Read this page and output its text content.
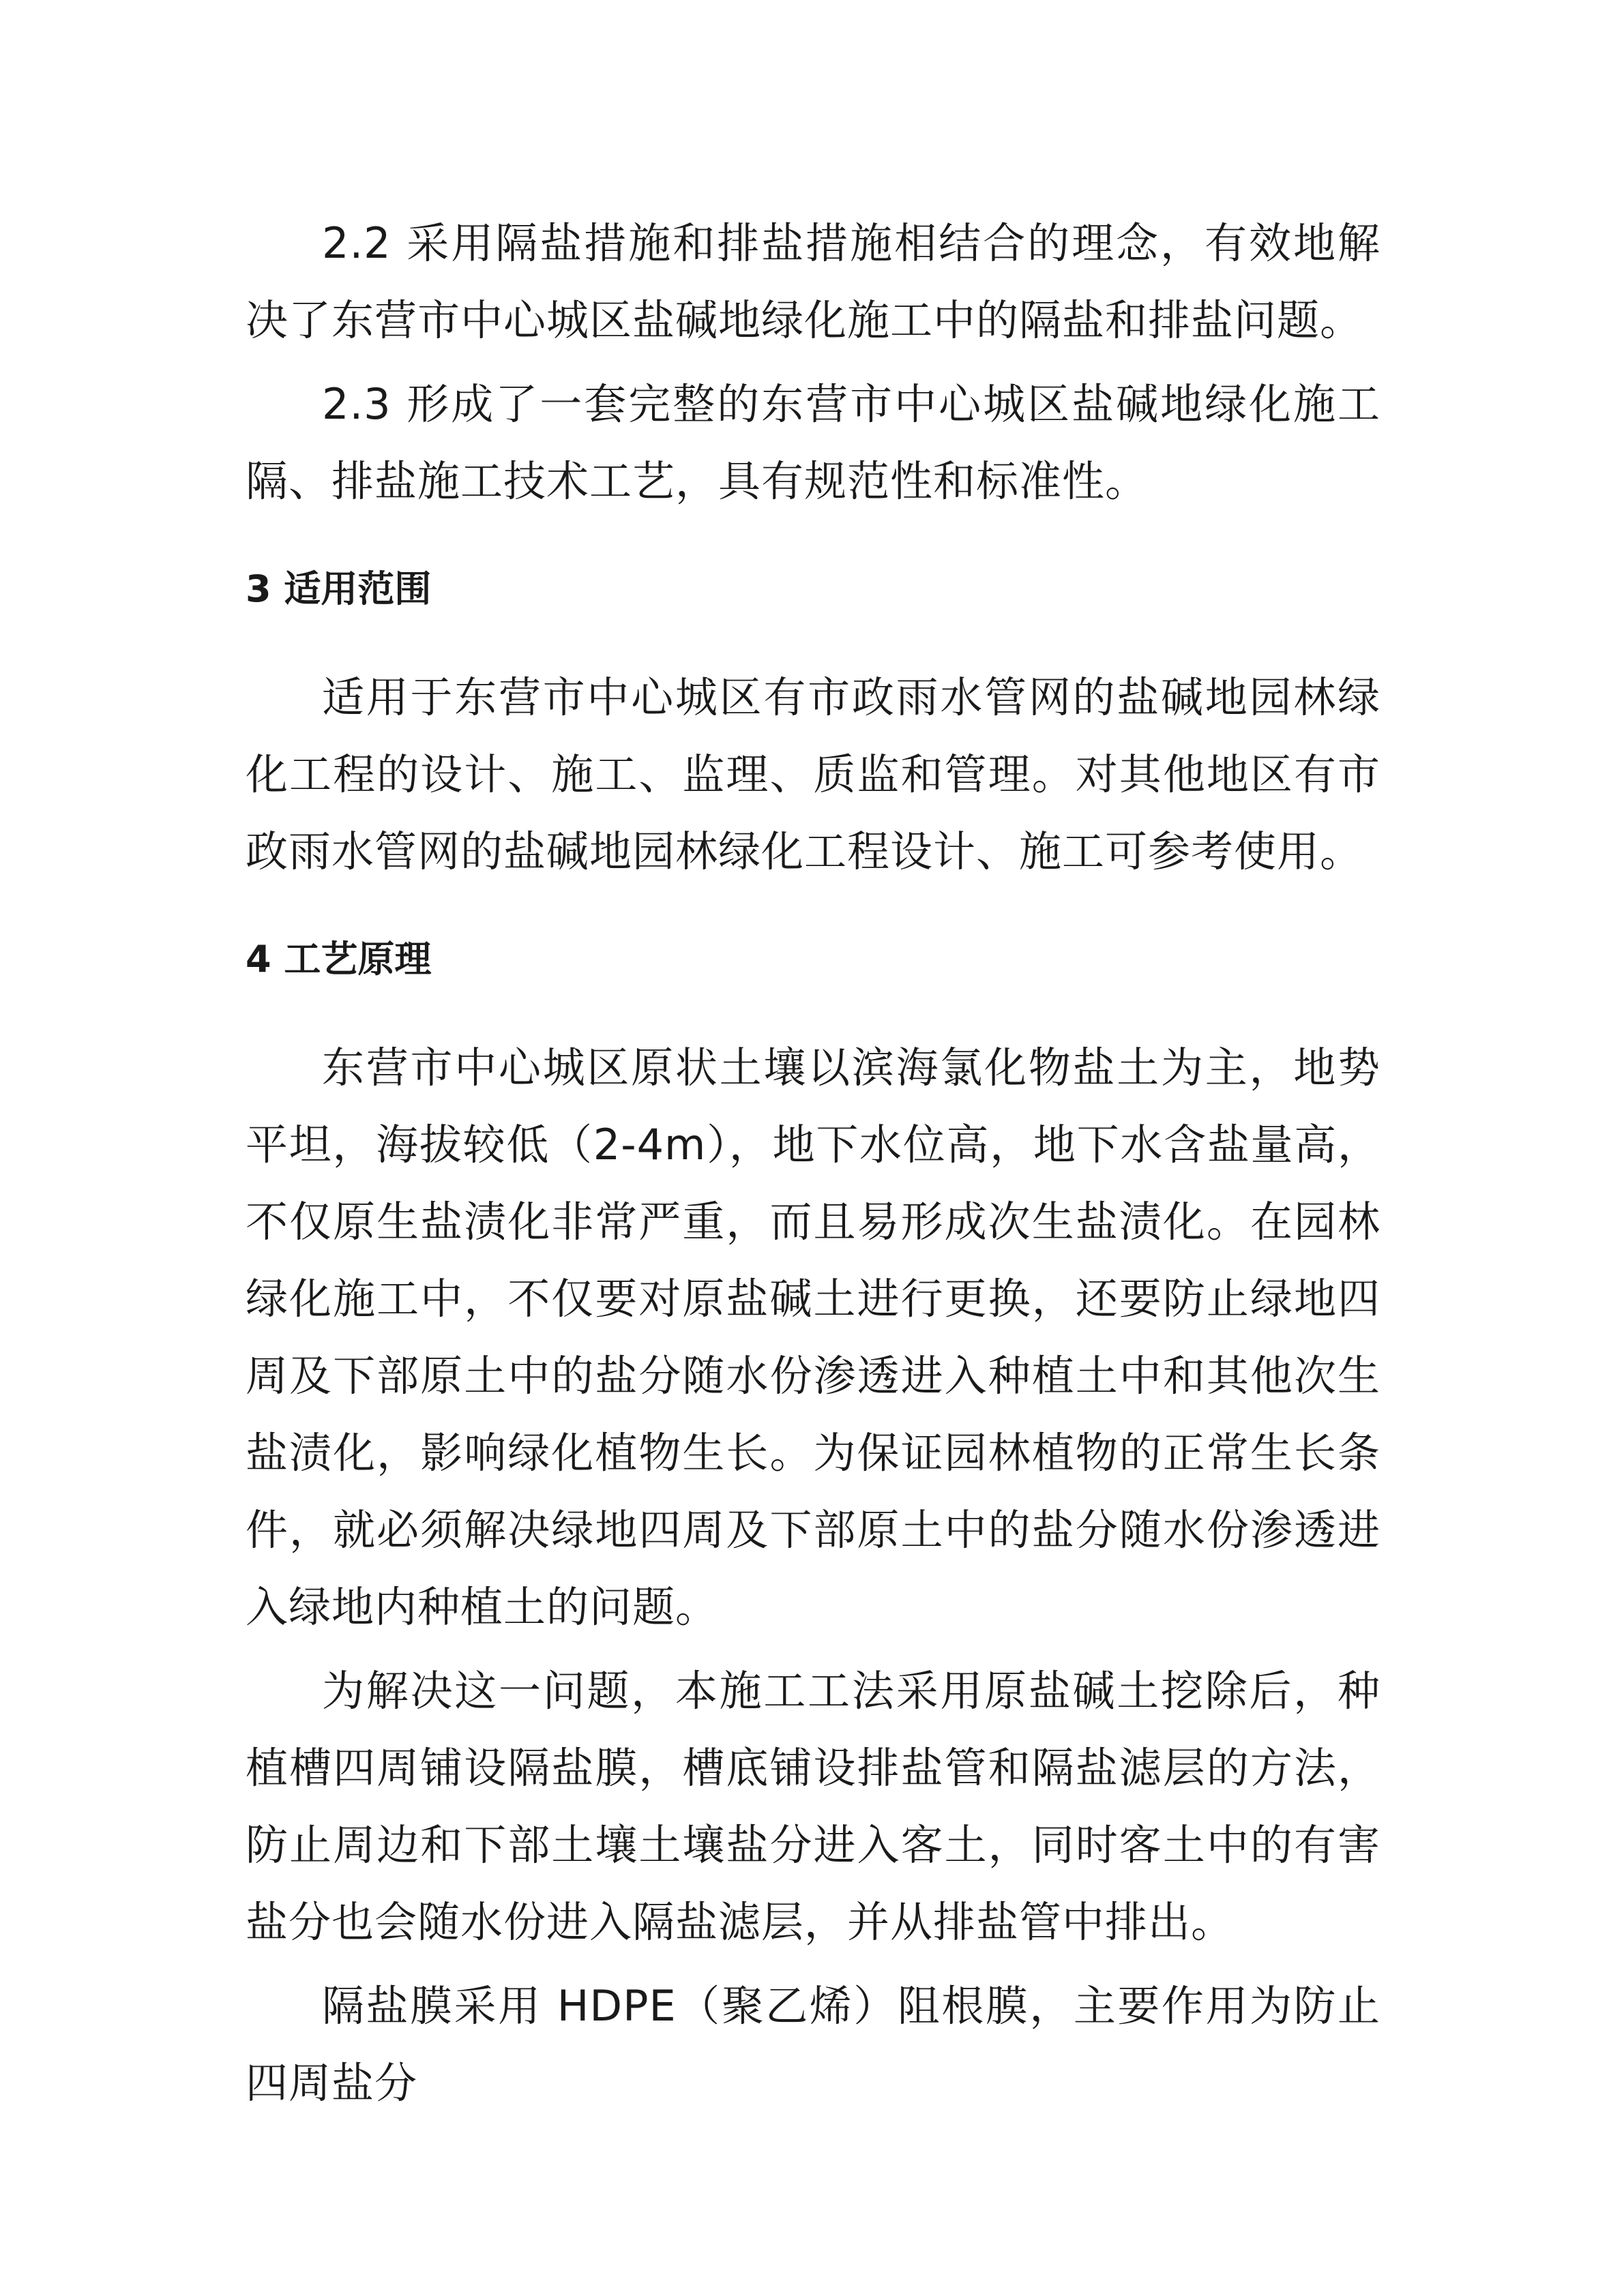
2.2 采用隔盐措施和排盐措施相结合的理念，有效地解决了东营市中心城区盐碱地绿化施工中的隔盐和排盐问题。

2.3 形成了一套完整的东营市中心城区盐碱地绿化施工隔、排盐施工技术工艺，具有规范性和标准性。

3 适用范围

适用于东营市中心城区有市政雨水管网的盐碱地园林绿化工程的设计、施工、监理、质监和管理。对其他地区有市政雨水管网的盐碱地园林绿化工程设计、施工可参考使用。

4 工艺原理

东营市中心城区原状土壤以滨海氯化物盐土为主，地势平坦，海拔较低（2-4m），地下水位高，地下水含盐量高，不仅原生盐渍化非常严重，而且易形成次生盐渍化。在园林绿化施工中，不仅要对原盐碱土进行更换，还要防止绿地四周及下部原土中的盐分随水份渗透进入种植土中和其他次生盐渍化，影响绿化植物生长。为保证园林植物的正常生长条件，就必须解决绿地四周及下部原土中的盐分随水份渗透进入绿地内种植土的问题。

为解决这一问题，本施工工法采用原盐碱土挖除后，种植槽四周铺设隔盐膜，槽底铺设排盐管和隔盐滤层的方法，防止周边和下部土壤土壤盐分进入客土，同时客土中的有害盐分也会随水份进入隔盐滤层，并从排盐管中排出。

隔盐膜采用 HDPE（聚乙烯）阻根膜，主要作用为防止四周盐分
